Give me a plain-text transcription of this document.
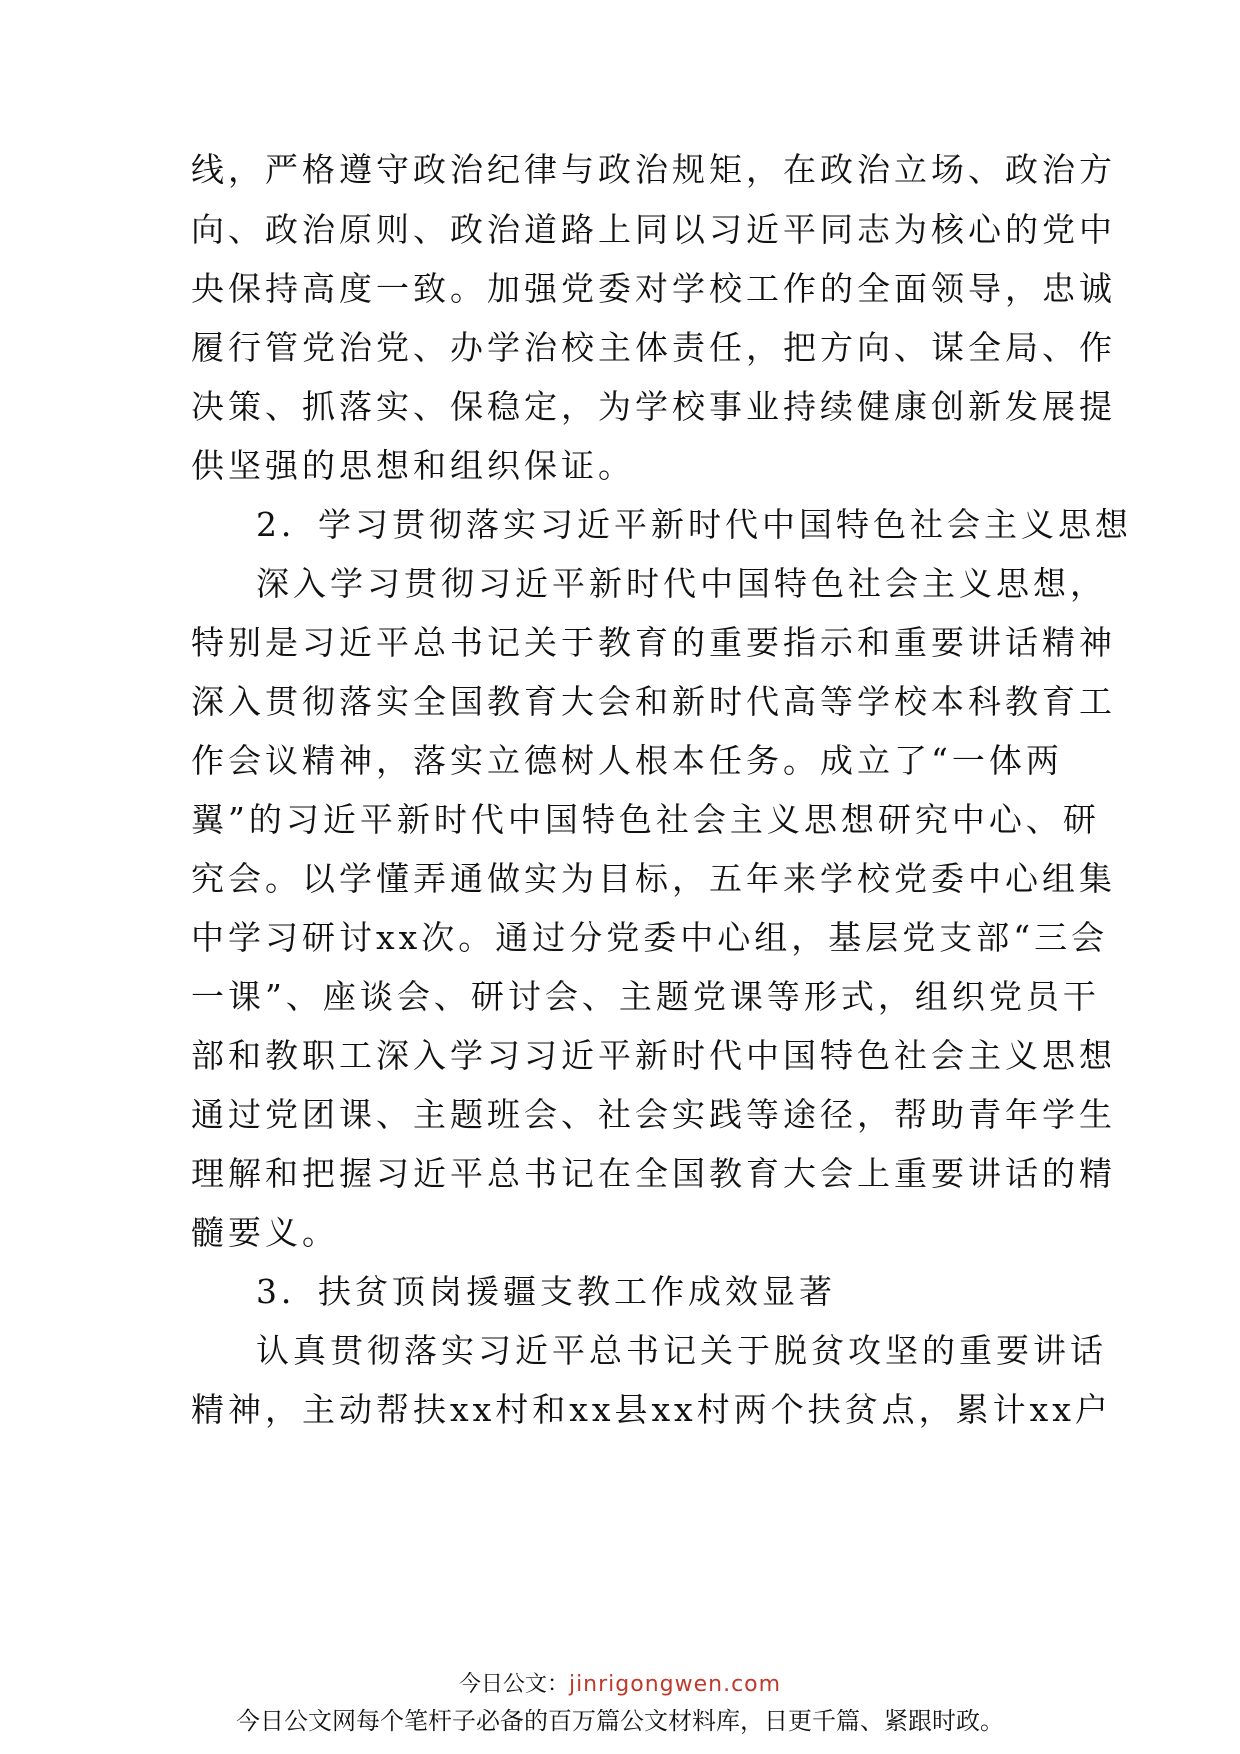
线，严格遵守政治纪律与政治规矩，在政治立场、政治方
向、政治原则、政治道路上同以习近平同志为核心的党中
央保持高度一致。加强党委对学校工作的全面领导，忠诚
履行管党治党、办学治校主体责任，把方向、谋全局、作
决策、抓落实、保稳定，为学校事业持续健康创新发展提
供坚强的思想和组织保证。
2．学习贯彻落实习近平新时代中国特色社会主义思想
深入学习贯彻习近平新时代中国特色社会主义思想，
特别是习近平总书记关于教育的重要指示和重要讲话精神
深入贯彻落实全国教育大会和新时代高等学校本科教育工
作会议精神，落实立德树人根本任务。成立了“一体两
翼”的习近平新时代中国特色社会主义思想研究中心、研
究会。以学懂弄通做实为目标，五年来学校党委中心组集
中学习研讨xx次。通过分党委中心组，基层党支部“三会
一课”、座谈会、研讨会、主题党课等形式，组织党员干
部和教职工深入学习习近平新时代中国特色社会主义思想
通过党团课、主题班会、社会实践等途径，帮助青年学生
理解和把握习近平总书记在全国教育大会上重要讲话的精
髓要义。
3．扶贫顶岗援疆支教工作成效显著
认真贯彻落实习近平总书记关于脱贫攻坚的重要讲话
精神，主动帮扶xx村和xx县xx村两个扶贫点，累计xx户
今日公文：jinrigongwen.com
今日公文网每个笔杆子必备的百万篇公文材料库，日更千篇、紧跟时政。
